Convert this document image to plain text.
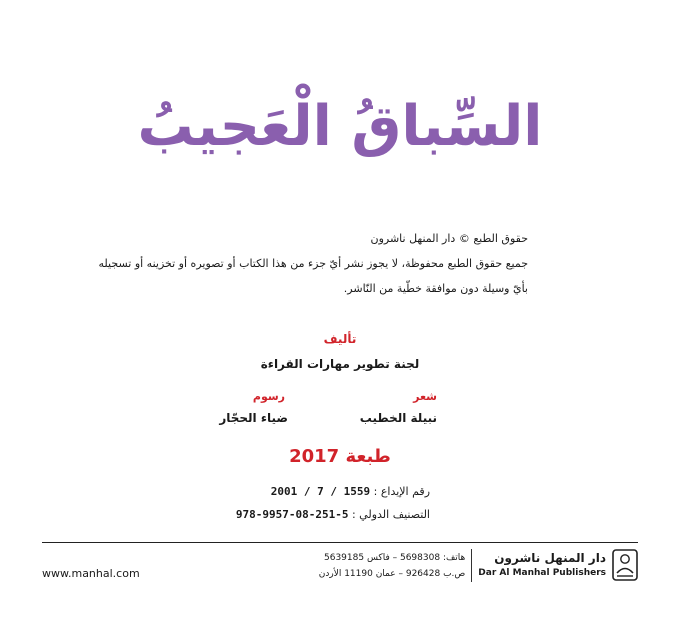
السِّباقُ الْعَجيبُ
حقوق الطبع © دار المنهل ناشرون
جميع حقوق الطبع محفوظة، لا يجوز نشر أيّ جزء من هذا الكتاب أو تصويره أو تخزينه أو تسجيله
بأيّ وسيلة دون موافقة خطّية من النّاشر.
تأليف
لجنة تطوير مهارات القراءة
شعر
نبيلة الخطيب
رسوم
ضياء الحجّار
طبعة 2017
رقم الإيداع : 2001 / 7 / 1559
التصنيف الدولي : 978-9957-08-251-5
www.manhal.com
هاتف: 5698308 – فاكس 5639185
ص.ب 926428 – عمان 11190 الأردن
دار المنهل ناشرون
Dar Al Manhal Publishers
